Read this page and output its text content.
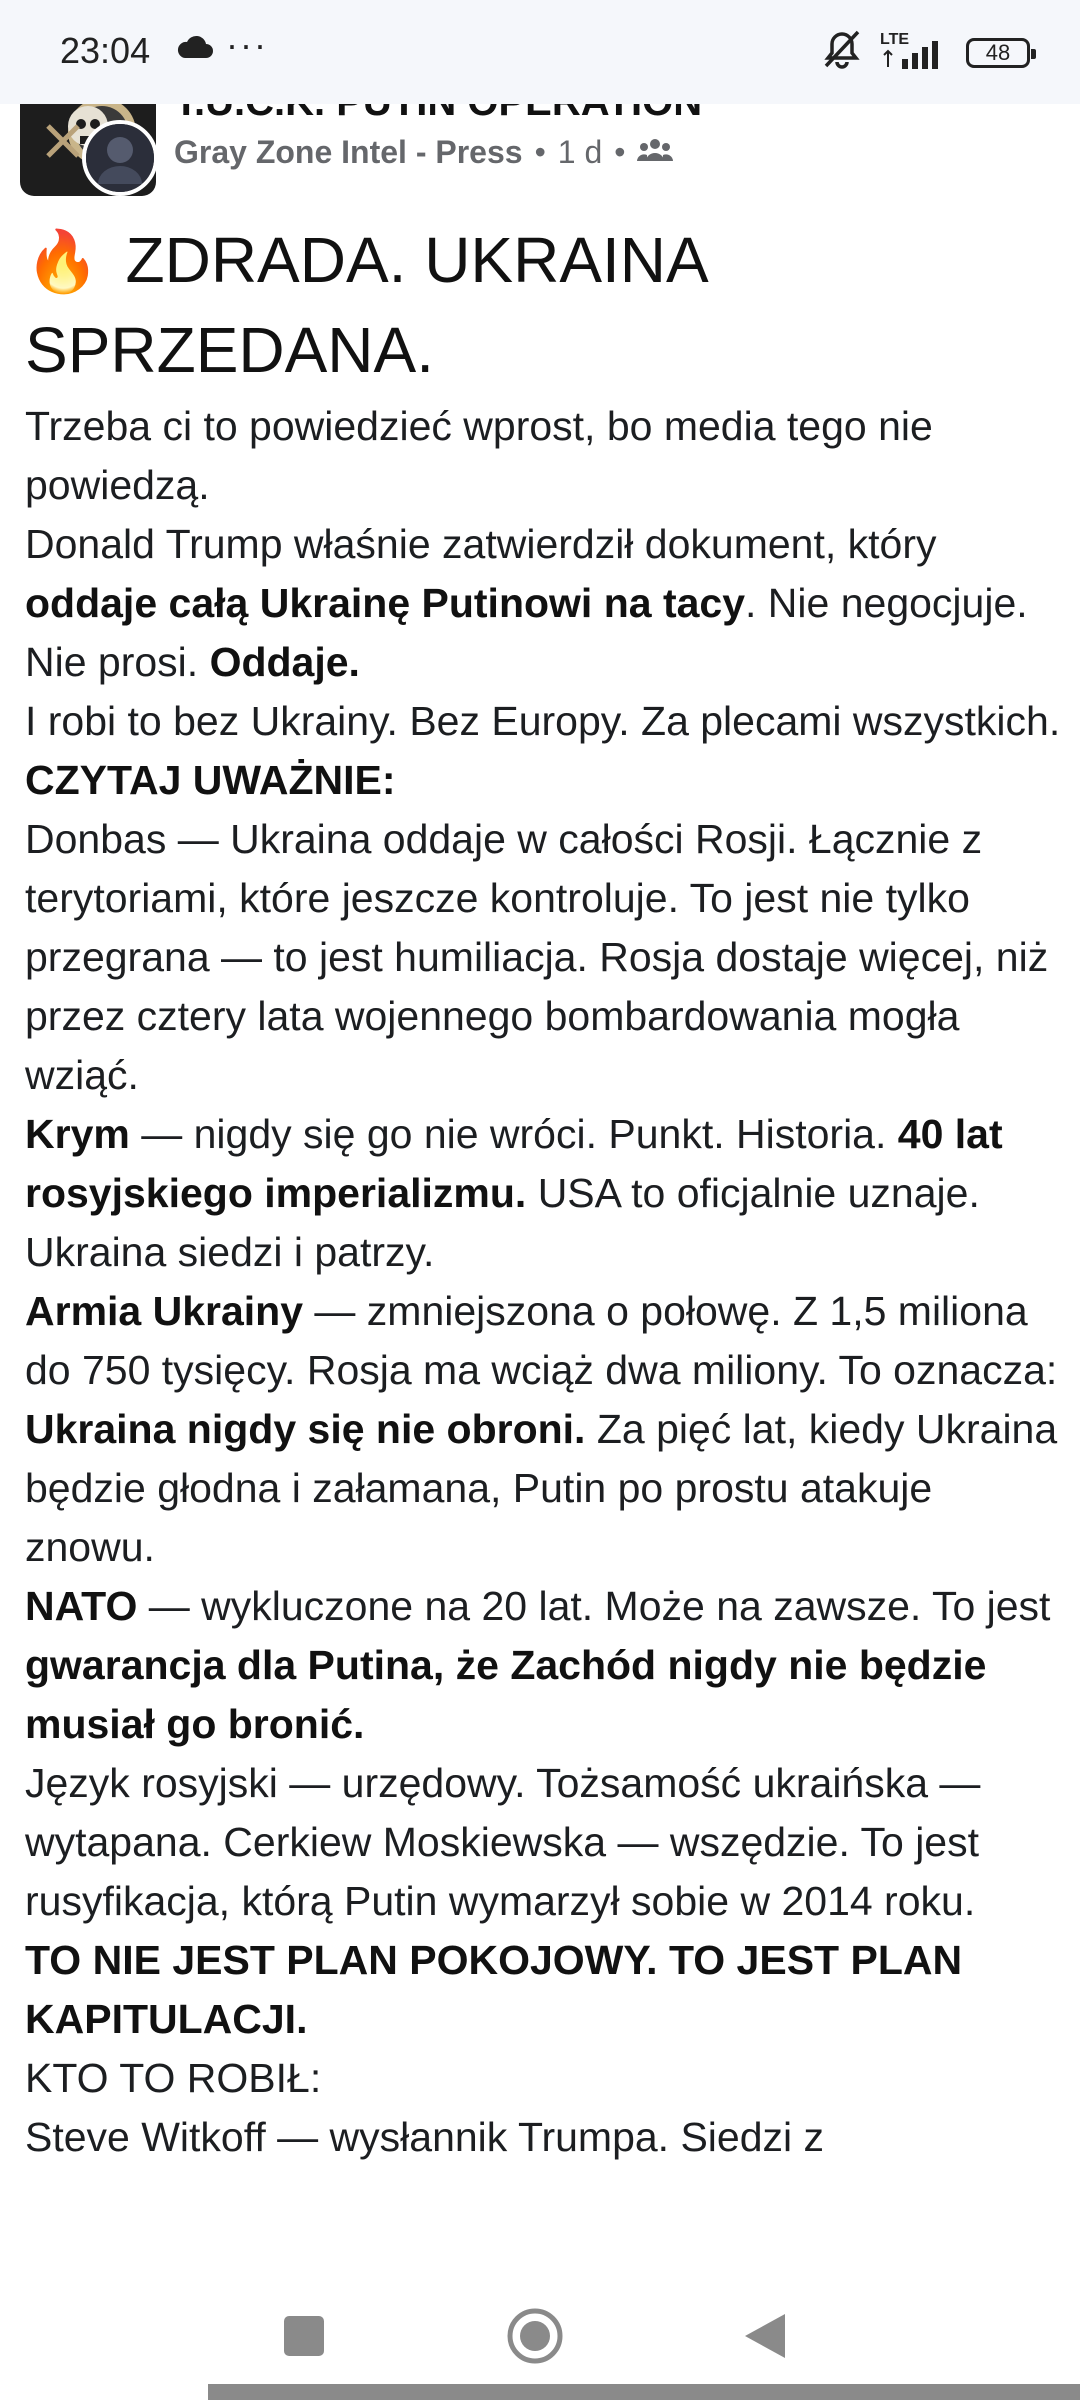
23:04 ···	LTE
48
Gray Zone Intel - Press • 1 d •
🔥 ZDRADA. UKRAINA SPRZEDANA.

Trzeba ci to powiedzieć wprost, bo media tego nie powiedzą.

Donald Trump właśnie zatwierdził dokument, który oddaje całą Ukrainę Putinowi na tacy. Nie negocjuje. Nie prosi. Oddaje.

I robi to bez Ukrainy. Bez Europy. Za plecami wszystkich.

CZYTAJ UWAŻNIE:

Donbas — Ukraina oddaje w całości Rosji. Łącznie z terytoriami, które jeszcze kontroluje. To jest nie tylko przegrana — to jest humiliacja. Rosja dostaje więcej, niż przez cztery lata wojennego bombardowania mogła wziąć.

Krym — nigdy się go nie wróci. Punkt. Historia. 40 lat rosyjskiego imperializmu. USA to oficjalnie uznaje. Ukraina siedzi i patrzy.

Armia Ukrainy — zmniejszona o połowę. Z 1,5 miliona do 750 tysięcy. Rosja ma wciąż dwa miliony. To oznacza: Ukraina nigdy się nie obroni. Za pięć lat, kiedy Ukraina będzie głodna i załamana, Putin po prostu atakuje znowu.

NATO — wykluczone na 20 lat. Może na zawsze. To jest gwarancja dla Putina, że Zachód nigdy nie będzie musiał go bronić.

Język rosyjski — urzędowy. Tożsamość ukraińska — wytapana. Cerkiew Moskiewska — wszędzie. To jest rusyfikacja, którą Putin wymarzył sobie w 2014 roku.

TO NIE JEST PLAN POKOJOWY. TO JEST PLAN KAPITULACJI.

KTO TO ROBIŁ:

Steve Witkoff — wysłannik Trumpa. Siedzi z
